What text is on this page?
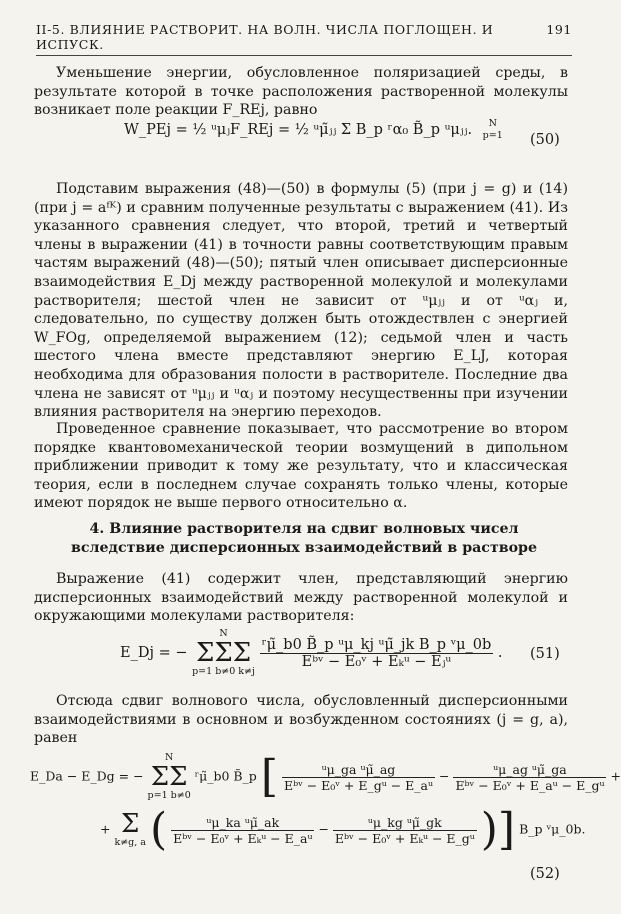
II-5. ВЛИЯНИЕ РАСТВОРИТ. НА ВОЛН. ЧИСЛА ПОГЛОЩЕН. И ИСПУСК.
191

Уменьшение энергии, обусловленное поляризацией среды, в результате которой в точке расположения растворенной молекулы возникает поле реакции F_REj, равно

W_PEj = ½ ᵘμⱼF_REj = ½ ᵘμ̃ⱼⱼ Σ B_p ʳα₀ B̃_p ᵘμⱼⱼ.	N
p=1 (50)

Подставим выражения (48)—(50) в формулы (5) (при j = g) и (14) (при j = aᶠᴷ) и сравним полученные результаты с выражением (41). Из указанного сравнения следует, что второй, третий и четвертый члены в выражении (41) в точности равны соответствующим правым частям выражений (48)—(50); пятый член описывает дисперсионные взаимодействия E_Dj между растворенной молекулой и молекулами растворителя; шестой член не зависит от ᵘμⱼⱼ и от ᵘαⱼ и, следовательно, по существу должен быть отождествлен с энергией W_FOg, определяемой выражением (12); седьмой член и часть шестого члена вместе представляют энергию E_LJ, которая необходима для образования полости в растворителе. Последние два члена не зависят от ᵘμⱼⱼ и ᵘαⱼ и поэтому несущественны при изучении влияния растворителя на энергию переходов.

Проведенное сравнение показывает, что рассмотрение во втором порядке квантовомеханической теории возмущений в дипольном приближении приводит к тому же результату, что и классическая теория, если в последнем случае сохранять только члены, которые имеют порядок не выше первого относительно α.

4. Влияние растворителя на сдвиг волновых чисел
вследствие дисперсионных взаимодействий в растворе

Выражение (41) содержит член, представляющий энергию дисперсионных взаимодействий между растворенной молекулой и окружающими молекулами растворителя:

E_Dj = −
N
ΣΣΣ
p=1 b≠0 k≠j

$\frac{\text{ʳμ̃\_b0 B̃\_p ᵘμ\_kj ᵘμ̃\_jk B\_p ᵛμ\_0b}}{\text{Eᵇᵛ − E₀ᵛ + Eₖᵘ − Eⱼᵘ}}$ . (51)

Отсюда сдвиг волнового числа, обусловленный дисперсионными взаимодействиями в основном и возбужденном состояниях (j = g, a), равен

E_Da − E_Dg = −
N
ΣΣ
p=1 b≠0
ʳμ̃_b0 B̃_p [ $\frac{\text{ᵘμ\_ga ᵘμ̃\_ag}}{\text{Eᵇᵛ − E₀ᵛ + E\_gᵘ − E\_aᵘ}} - \frac{\text{ᵘμ\_ag ᵘμ̃\_ga}}{\text{Eᵇᵛ − E₀ᵛ + E\_aᵘ − E\_gᵘ}}$ +
+ Σ
k≠g, a ( $\frac{\text{ᵘμ\_ka ᵘμ̃\_ak}}{\text{Eᵇᵛ − E₀ᵛ + Eₖᵘ − E\_aᵘ}} - \frac{\text{ᵘμ\_kg ᵘμ̃\_gk}}{\text{Eᵇᵛ − E₀ᵛ + Eₖᵘ − E\_gᵘ}}$ )] B_p ᵛμ_0b.
(52)
